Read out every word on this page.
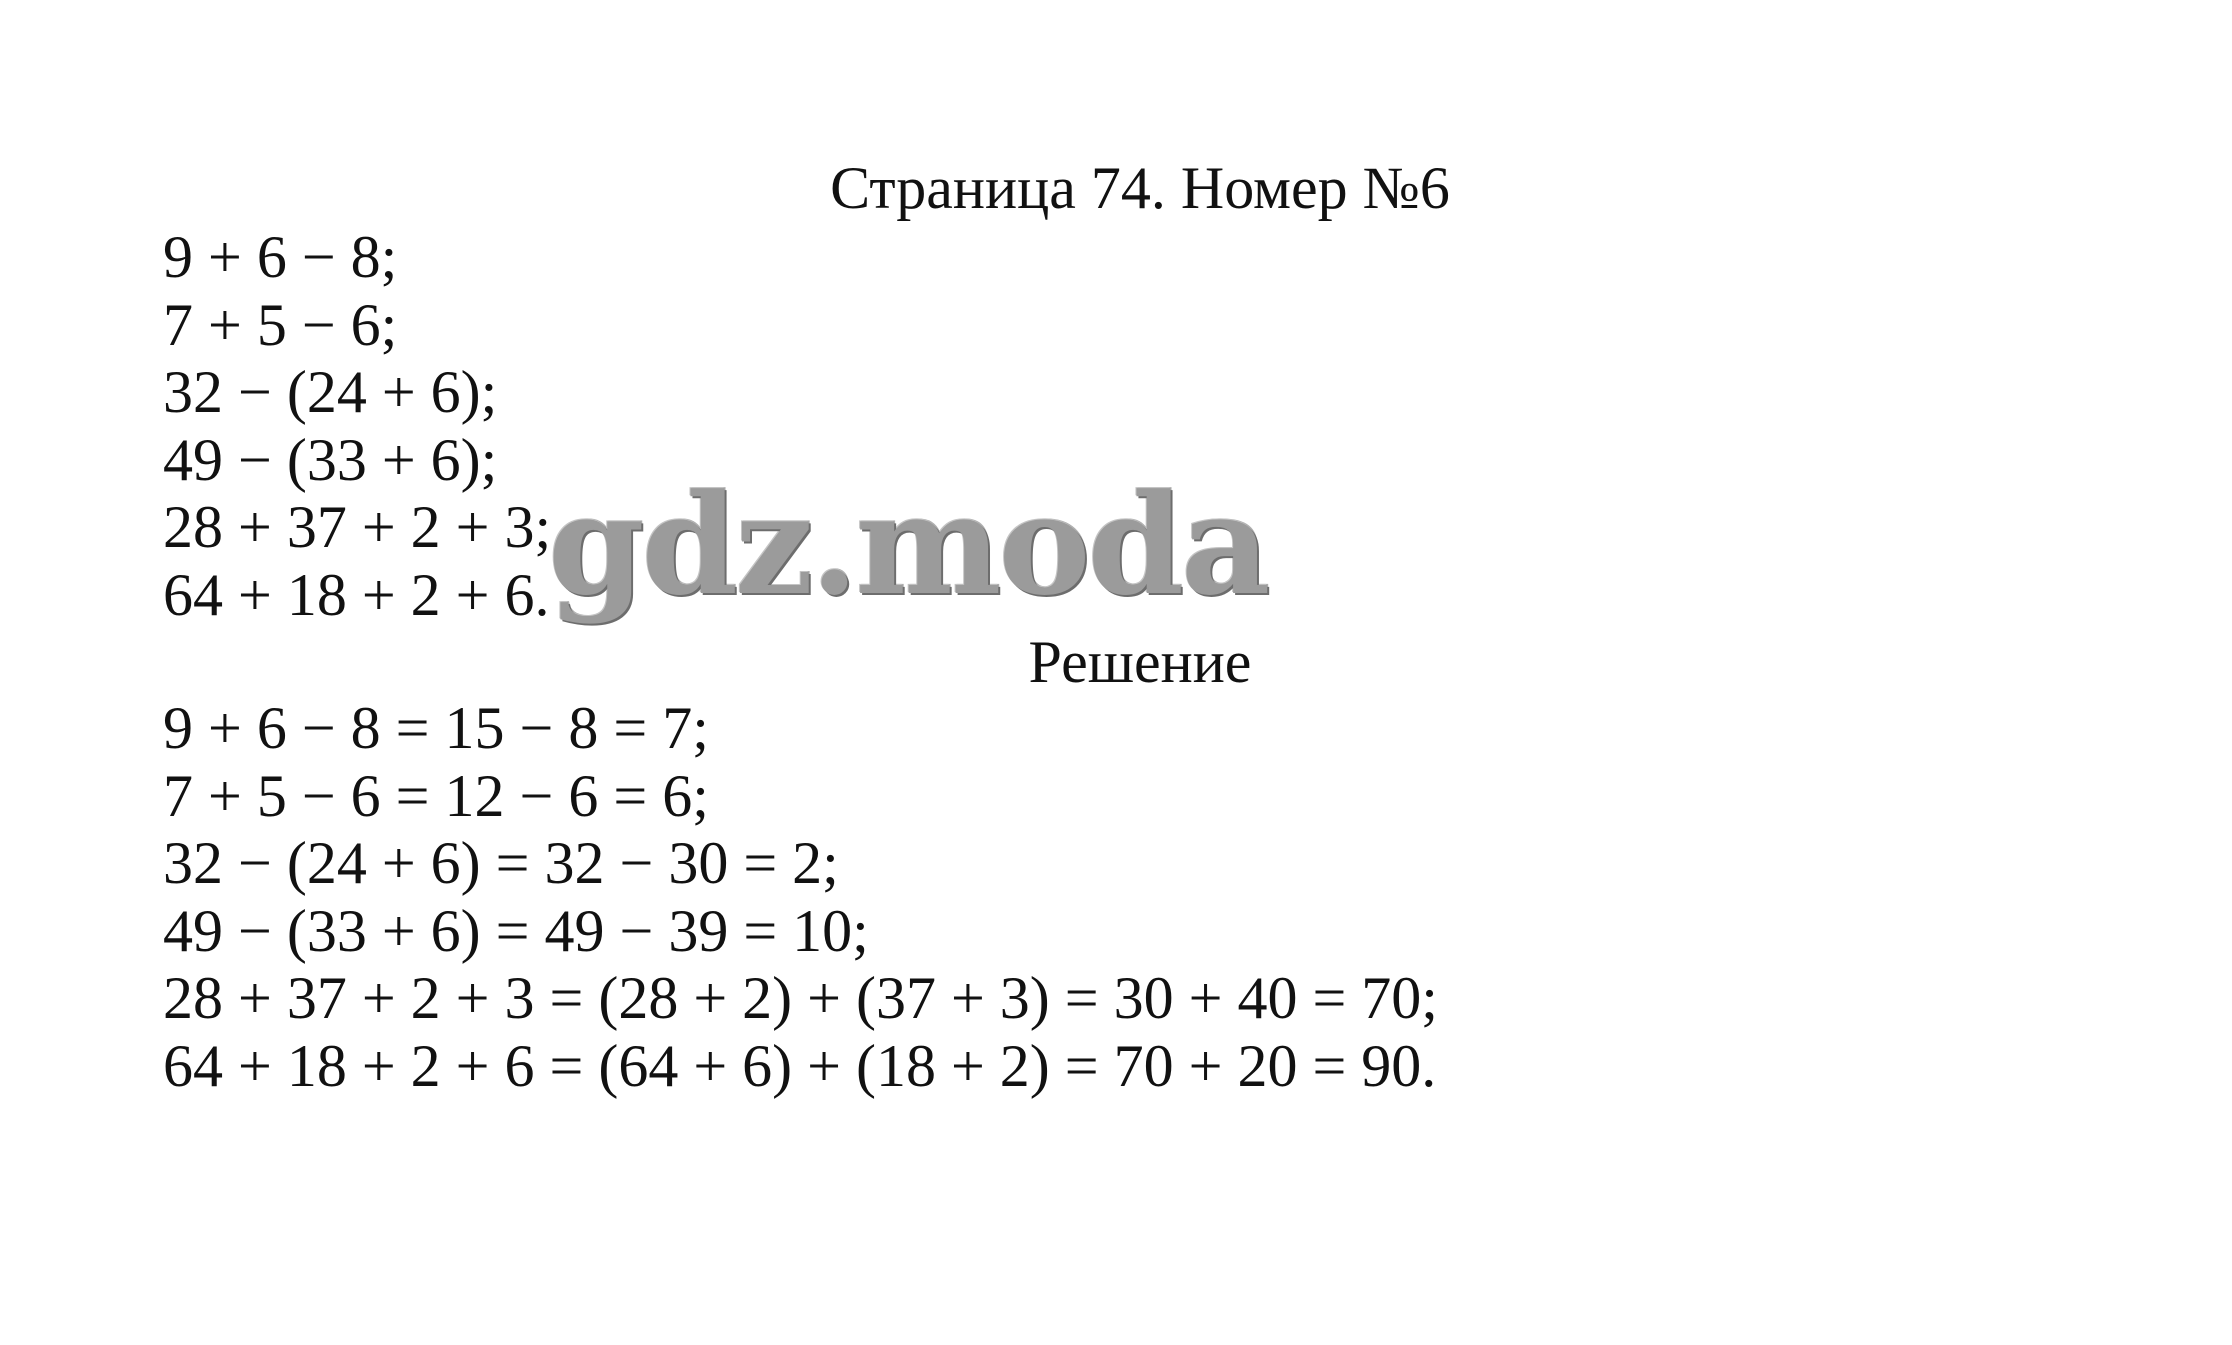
Страница 74. Номер №6
9 + 6 − 8;
7 + 5 − 6;
32 − (24 + 6);
49 − (33 + 6);
28 + 37 + 2 + 3;
64 + 18 + 2 + 6.
Решение
9 + 6 − 8 = 15 − 8 = 7;
7 + 5 − 6 = 12 − 6 = 6;
32 − (24 + 6) = 32 − 30 = 2;
49 − (33 + 6) = 49 − 39 = 10;
28 + 37 + 2 + 3 = (28 + 2) + (37 + 3) = 30 + 40 = 70;
64 + 18 + 2 + 6 = (64 + 6) + (18 + 2) = 70 + 20 = 90.
gdz.moda
